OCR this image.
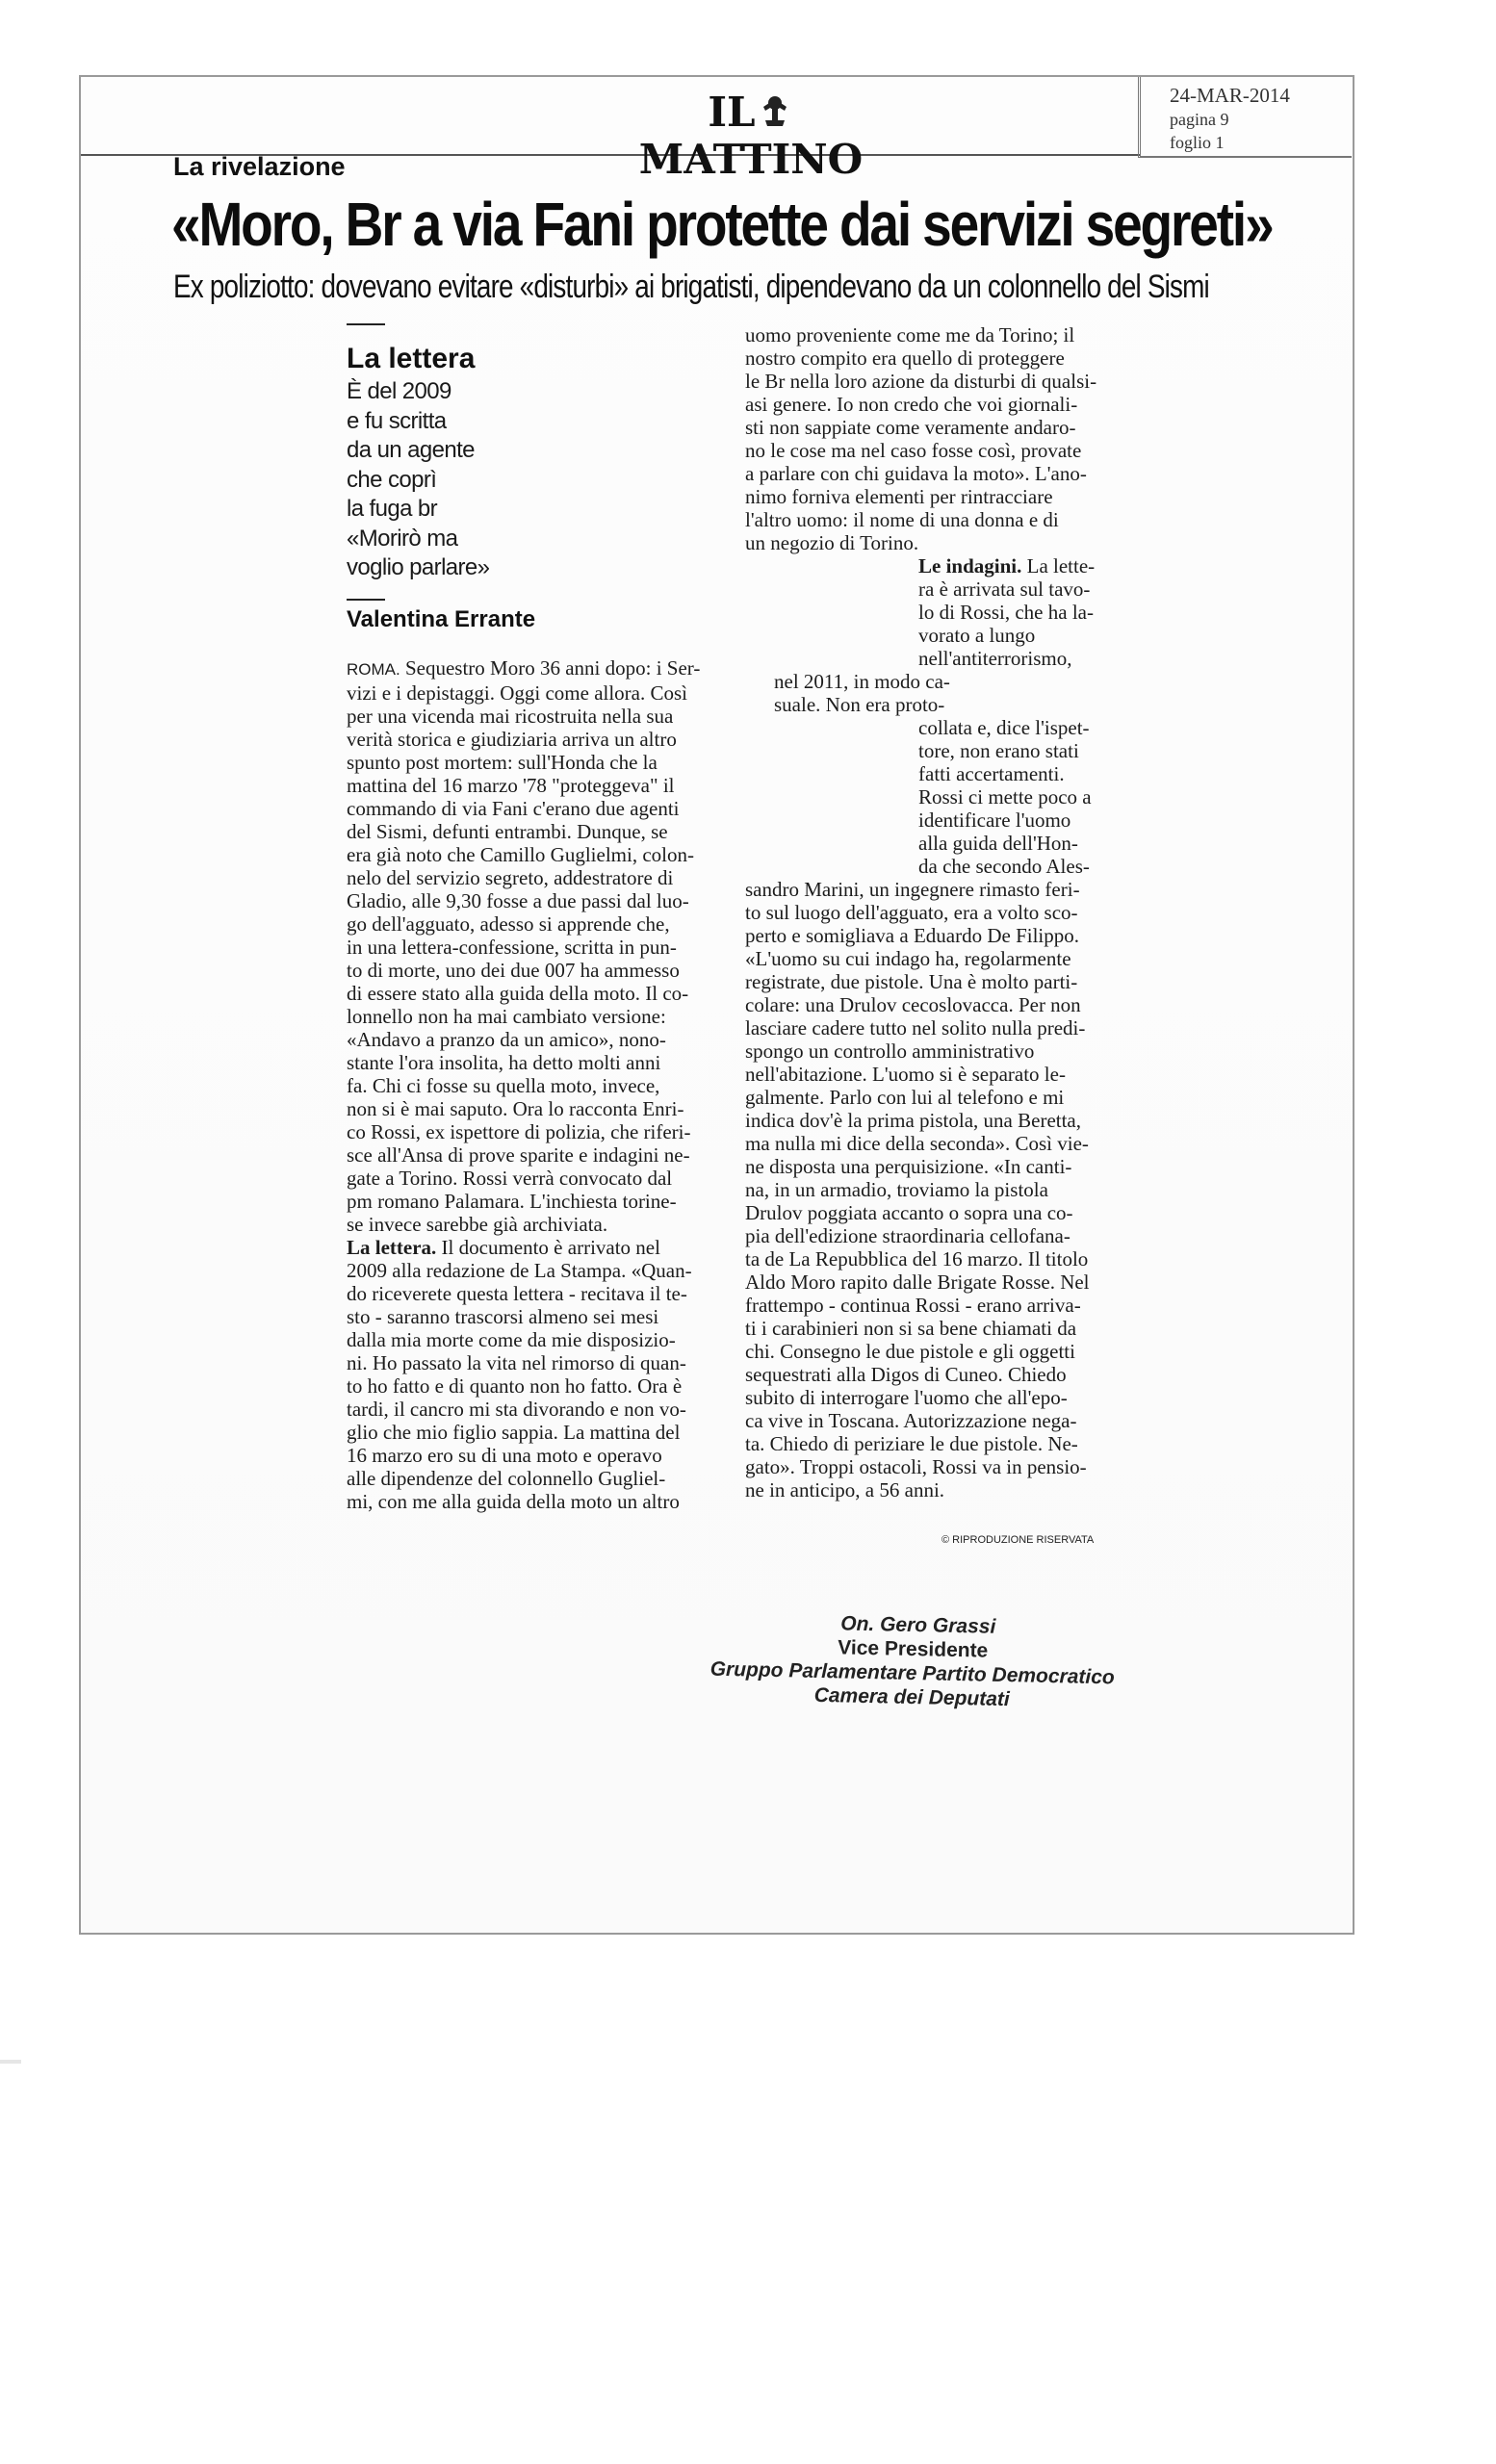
ILMATTINO
24-MAR-2014
pagina 9
foglio 1
La rivelazione
«Moro, Br a via Fani protette dai servizi segreti»
Ex poliziotto: dovevano evitare «disturbi» ai brigatisti, dipendevano da un colonnello del Sismi
La lettera
È del 2009
e fu scritta
da un agente
che coprì
la fuga br
«Morirò ma
voglio parlare»
Valentina Errante
ROMA. Sequestro Moro 36 anni dopo: i Ser-
vizi e i depistaggi. Oggi come allora. Così
per una vicenda mai ricostruita nella sua
verità storica e giudiziaria arriva un altro
spunto post mortem: sull'Honda che la
mattina del 16 marzo '78 "proteggeva" il
commando di via Fani c'erano due agenti
del Sismi, defunti entrambi. Dunque, se
era già noto che Camillo Guglielmi, colon-
nelo del servizio segreto, addestratore di
Gladio, alle 9,30 fosse a due passi dal luo-
go dell'agguato, adesso si apprende che,
in una lettera-confessione, scritta in pun-
to di morte, uno dei due 007 ha ammesso
di essere stato alla guida della moto. Il co-
lonnello non ha mai cambiato versione:
«Andavo a pranzo da un amico», nono-
stante l'ora insolita, ha detto molti anni
fa. Chi ci fosse su quella moto, invece,
non si è mai saputo. Ora lo racconta Enri-
co Rossi, ex ispettore di polizia, che riferi-
sce all'Ansa di prove sparite e indagini ne-
gate a Torino. Rossi verrà convocato dal
pm romano Palamara. L'inchiesta torine-
se invece sarebbe già archiviata.
La lettera. Il documento è arrivato nel
2009 alla redazione de La Stampa. «Quan-
do riceverete questa lettera - recitava il te-
sto - saranno trascorsi almeno sei mesi
dalla mia morte come da mie disposizio-
ni. Ho passato la vita nel rimorso di quan-
to ho fatto e di quanto non ho fatto. Ora è
tardi, il cancro mi sta divorando e non vo-
glio che mio figlio sappia. La mattina del
16 marzo ero su di una moto e operavo
alle dipendenze del colonnello Gugliel-
mi, con me alla guida della moto un altro
uomo proveniente come me da Torino; il
nostro compito era quello di proteggere
le Br nella loro azione da disturbi di qualsi-
asi genere. Io non credo che voi giornali-
sti non sappiate come veramente andaro-
no le cose ma nel caso fosse così, provate
a parlare con chi guidava la moto». L'ano-
nimo forniva elementi per rintracciare
l'altro uomo: il nome di una donna e di
un negozio di Torino.
Le indagini. La lette-
ra è arrivata sul tavo-
lo di Rossi, che ha la-
vorato a lungo
nell'antiterrorismo,
nel 2011, in modo ca-
suale. Non era proto-
collata e, dice l'ispet-
tore, non erano stati
fatti accertamenti.
Rossi ci mette poco a
identificare l'uomo
alla guida dell'Hon-
da che secondo Ales-
sandro Marini, un ingegnere rimasto feri-
to sul luogo dell'agguato, era a volto sco-
perto e somigliava a Eduardo De Filippo.
«L'uomo su cui indago ha, regolarmente
registrate, due pistole. Una è molto parti-
colare: una Drulov cecoslovacca. Per non
lasciare cadere tutto nel solito nulla predi-
spongo un controllo amministrativo
nell'abitazione. L'uomo si è separato le-
galmente. Parlo con lui al telefono e mi
indica dov'è la prima pistola, una Beretta,
ma nulla mi dice della seconda». Così vie-
ne disposta una perquisizione. «In canti-
na, in un armadio, troviamo la pistola
Drulov poggiata accanto o sopra una co-
pia dell'edizione straordinaria cellofana-
ta de La Repubblica del 16 marzo. Il titolo
Aldo Moro rapito dalle Brigate Rosse. Nel
frattempo - continua Rossi - erano arriva-
ti i carabinieri non si sa bene chiamati da
chi. Consegno le due pistole e gli oggetti
sequestrati alla Digos di Cuneo. Chiedo
subito di interrogare l'uomo che all'epo-
ca vive in Toscana. Autorizzazione nega-
ta. Chiedo di periziare le due pistole. Ne-
gato». Troppi ostacoli, Rossi va in pensio-
ne in anticipo, a 56 anni.
© RIPRODUZIONE RISERVATA
On. Gero Grassi
Vice Presidente
Gruppo Parlamentare Partito Democratico
Camera dei Deputati
